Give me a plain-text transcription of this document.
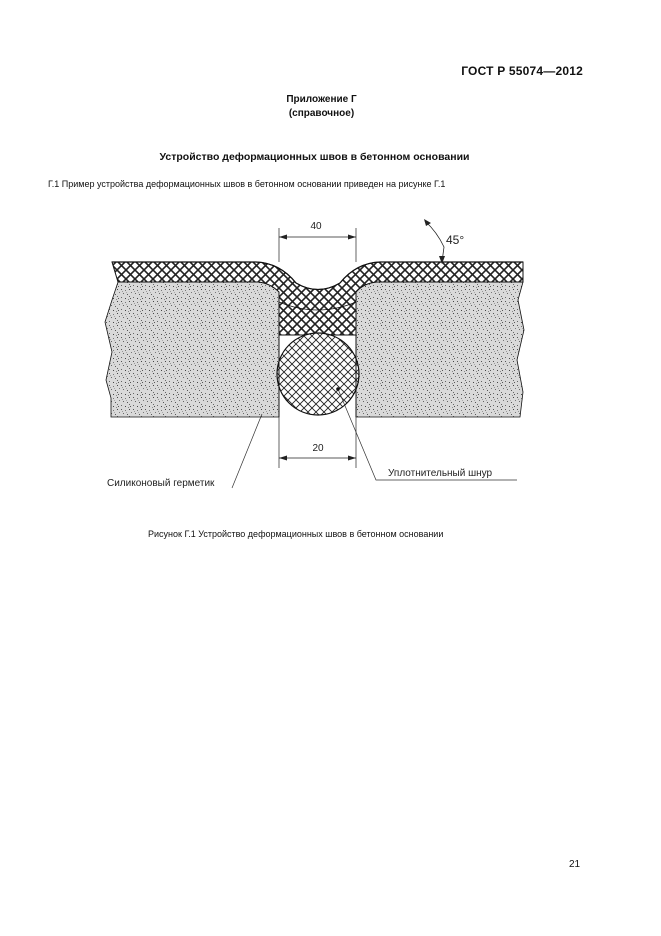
ГОСТ Р 55074—2012
Приложение Г
(справочное)
Устройство деформационных швов в бетонном основании
Г.1 Пример устройства деформационных швов в бетонном основании приведен на рисунке Г.1
40
20
45°
Силиконовый герметик
Уплотнительный шнур
Рисунок Г.1 Устройство деформационных швов в бетонном основании
21
